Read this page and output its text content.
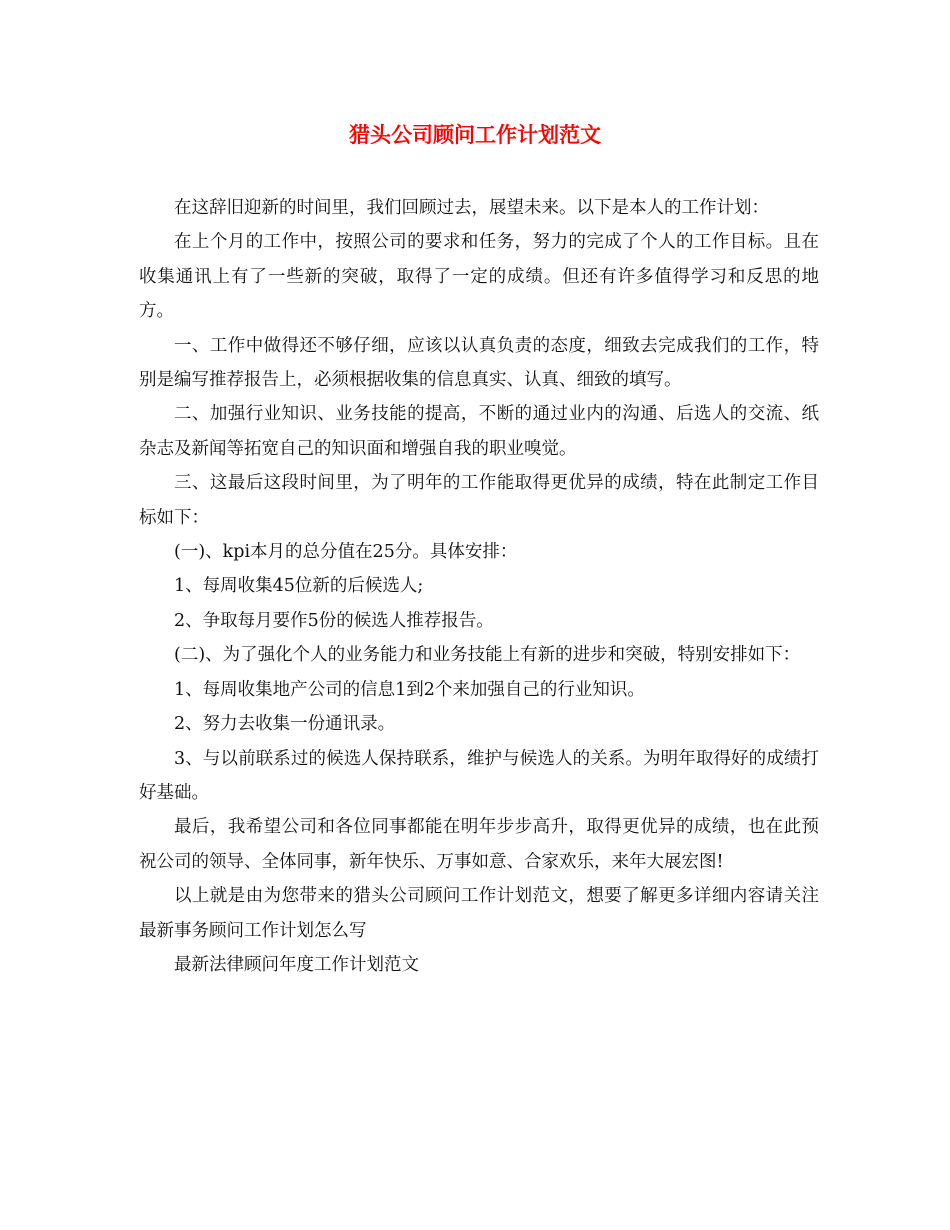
猎头公司顾问工作计划范文

在这辞旧迎新的时间里，我们回顾过去，展望未来。以下是本人的工作计划：

在上个月的工作中，按照公司的要求和任务，努力的完成了个人的工作目标。且在收集通讯上有了一些新的突破，取得了一定的成绩。但还有许多值得学习和反思的地方。

一、工作中做得还不够仔细，应该以认真负责的态度，细致去完成我们的工作，特别是编写推荐报告上，必须根据收集的信息真实、认真、细致的填写。

二、加强行业知识、业务技能的提高，不断的通过业内的沟通、后选人的交流、纸杂志及新闻等拓宽自己的知识面和增强自我的职业嗅觉。

三、这最后这段时间里，为了明年的工作能取得更优异的成绩，特在此制定工作目标如下：

(一)、kpi本月的总分值在25分。具体安排：

1、每周收集45位新的后候选人;

2、争取每月要作5份的候选人推荐报告。

(二)、为了强化个人的业务能力和业务技能上有新的进步和突破，特别安排如下：

1、每周收集地产公司的信息1到2个来加强自己的行业知识。

2、努力去收集一份通讯录。

3、与以前联系过的候选人保持联系，维护与候选人的关系。为明年取得好的成绩打好基础。

最后，我希望公司和各位同事都能在明年步步高升，取得更优异的成绩，也在此预祝公司的领导、全体同事，新年快乐、万事如意、合家欢乐，来年大展宏图!

以上就是由为您带来的猎头公司顾问工作计划范文，想要了解更多详细内容请关注最新事务顾问工作计划怎么写

最新法律顾问年度工作计划范文
